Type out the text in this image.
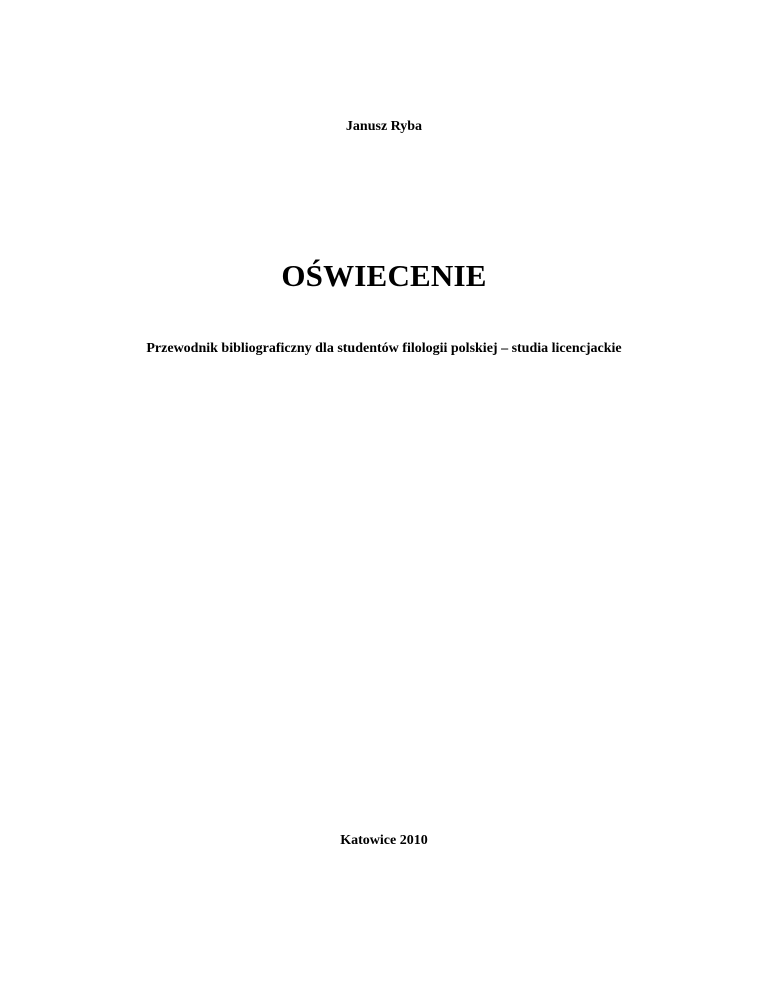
Janusz Ryba
OŚWIECENIE
Przewodnik bibliograficzny dla studentów filologii polskiej – studia licencjackie
Katowice 2010
